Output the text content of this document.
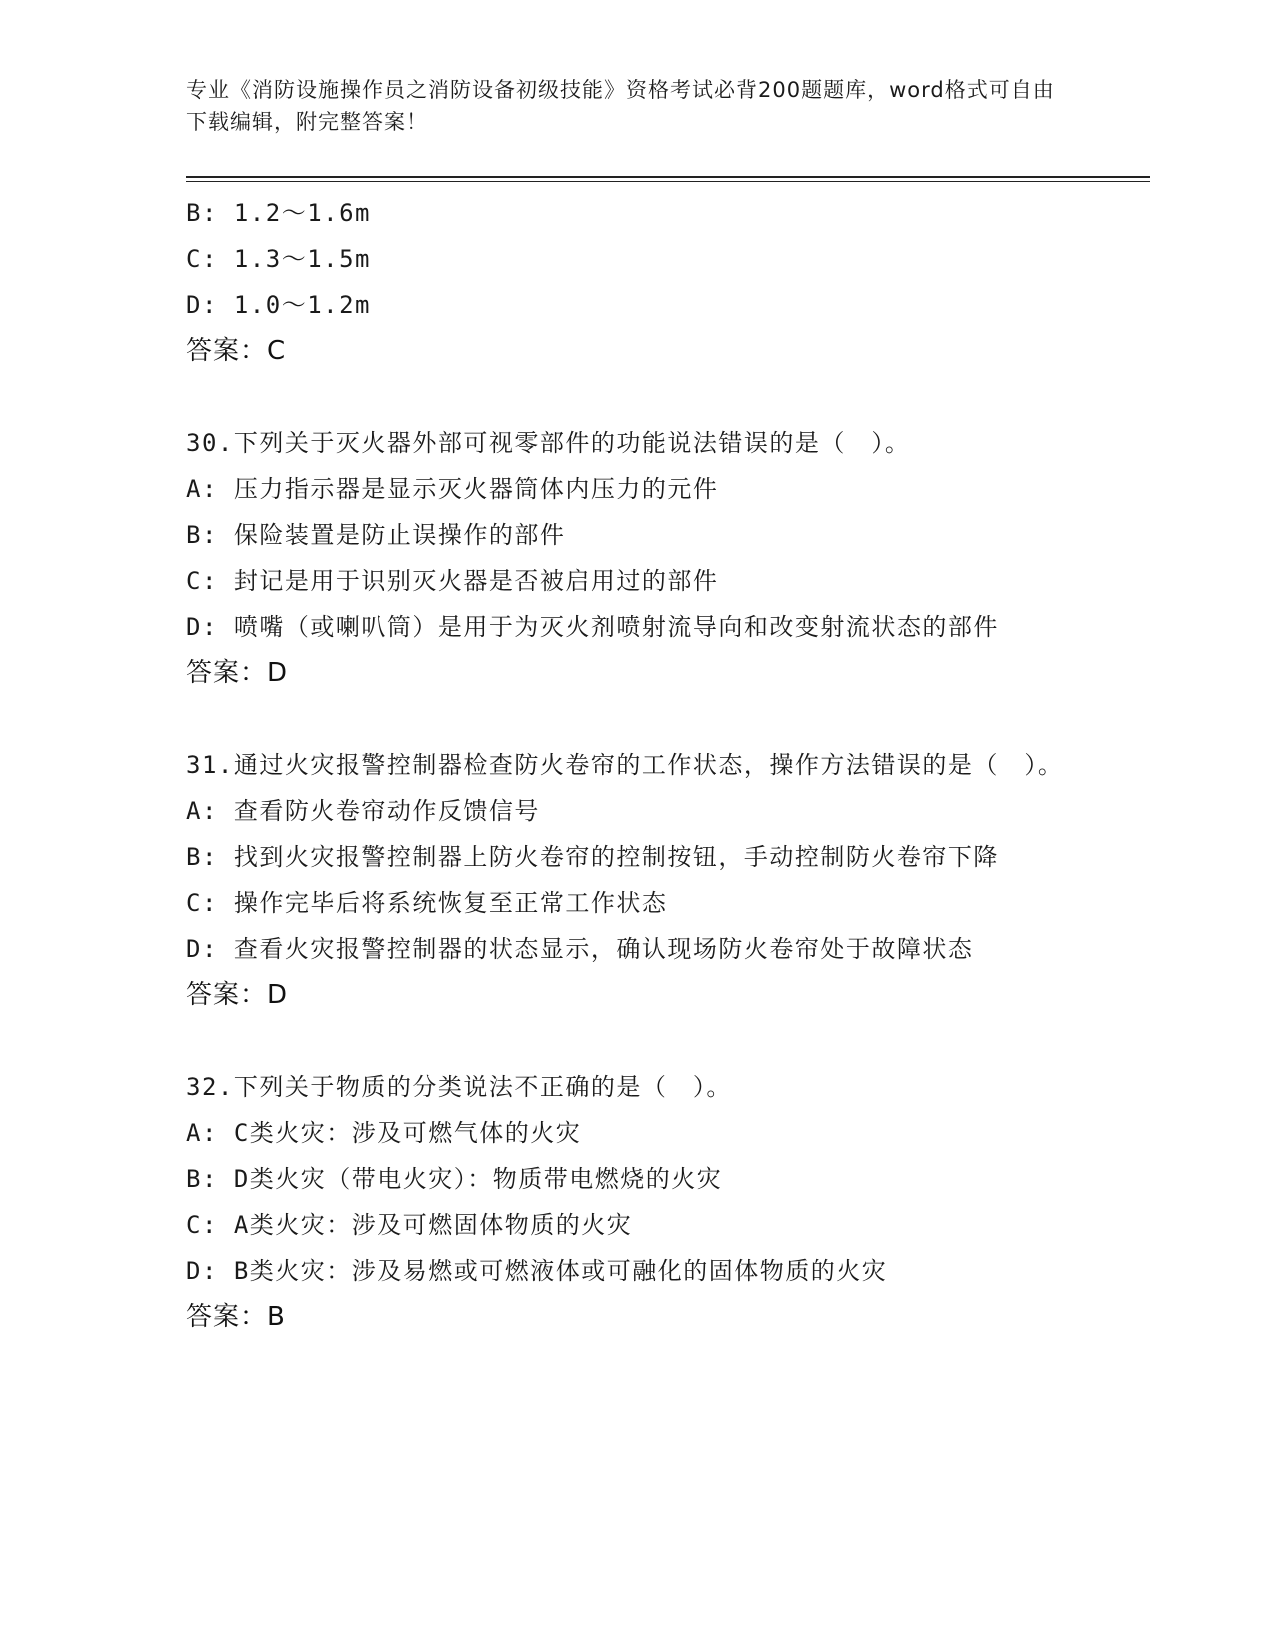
专业《消防设施操作员之消防设备初级技能》资格考试必背200题题库，word格式可自由下载编辑，附完整答案！
B: 1.2～1.6m
C: 1.3～1.5m
D: 1.0～1.2m
答案：C
30.下列关于灭火器外部可视零部件的功能说法错误的是（　）。
A: 压力指示器是显示灭火器筒体内压力的元件
B: 保险装置是防止误操作的部件
C: 封记是用于识别灭火器是否被启用过的部件
D: 喷嘴（或喇叭筒）是用于为灭火剂喷射流导向和改变射流状态的部件
答案：D
31.通过火灾报警控制器检查防火卷帘的工作状态，操作方法错误的是（　）。
A: 查看防火卷帘动作反馈信号
B: 找到火灾报警控制器上防火卷帘的控制按钮，手动控制防火卷帘下降
C: 操作完毕后将系统恢复至正常工作状态
D: 查看火灾报警控制器的状态显示，确认现场防火卷帘处于故障状态
答案：D
32.下列关于物质的分类说法不正确的是（　）。
A: C类火灾：涉及可燃气体的火灾
B: D类火灾（带电火灾）：物质带电燃烧的火灾
C: A类火灾：涉及可燃固体物质的火灾
D: B类火灾：涉及易燃或可燃液体或可融化的固体物质的火灾
答案：B
